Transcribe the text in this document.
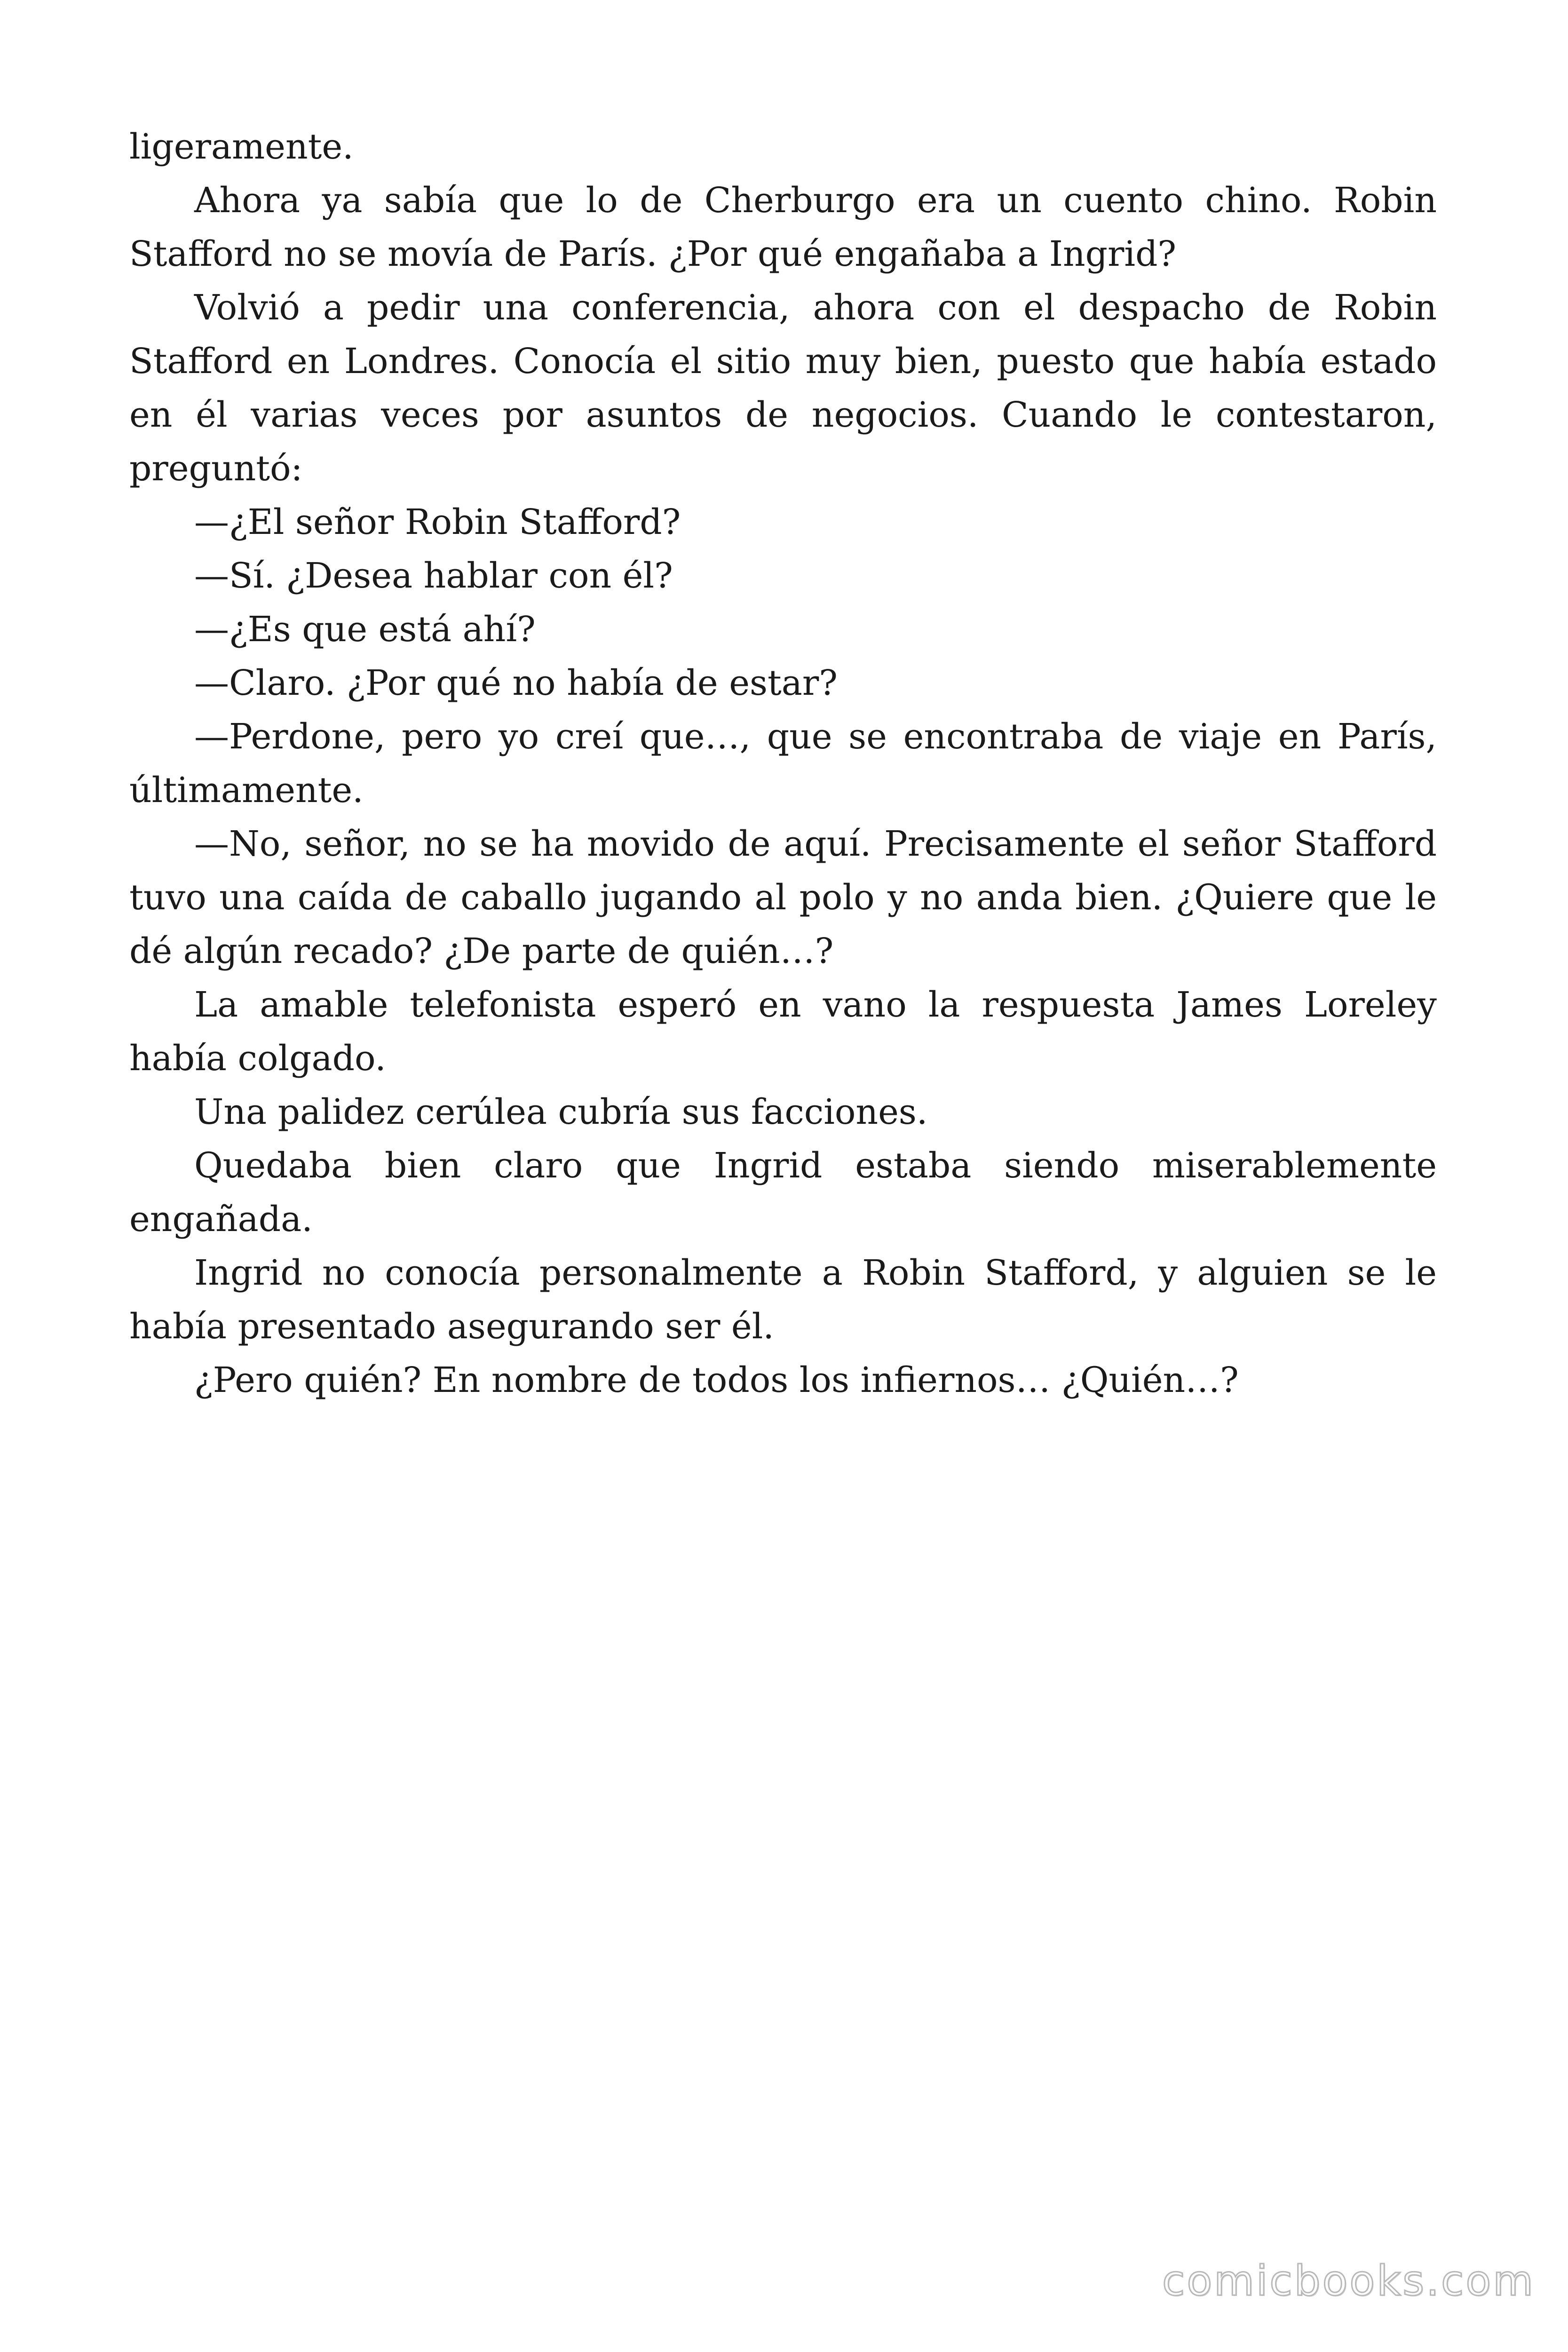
ligeramente.

Ahora ya sabía que lo de Cherburgo era un cuento chino. Robin Stafford no se movía de París. ¿Por qué engañaba a Ingrid?

Volvió a pedir una conferencia, ahora con el despacho de Robin Stafford en Londres. Conocía el sitio muy bien, puesto que había estado en él varias veces por asuntos de negocios. Cuando le contestaron, preguntó:

—¿El señor Robin Stafford?

—Sí. ¿Desea hablar con él?

—¿Es que está ahí?

—Claro. ¿Por qué no había de estar?

—Perdone, pero yo creí que…, que se encontraba de viaje en París, últimamente.

—No, señor, no se ha movido de aquí. Precisamente el señor Stafford tuvo una caída de caballo jugando al polo y no anda bien. ¿Quiere que le dé algún recado? ¿De parte de quién…?

La amable telefonista esperó en vano la respuesta James Loreley había colgado.

Una palidez cerúlea cubría sus facciones.

Quedaba bien claro que Ingrid estaba siendo miserablemente engañada.

Ingrid no conocía personalmente a Robin Stafford, y alguien se le había presentado asegurando ser él.

¿Pero quién? En nombre de todos los infiernos… ¿Quién…?

comicbooks.com
